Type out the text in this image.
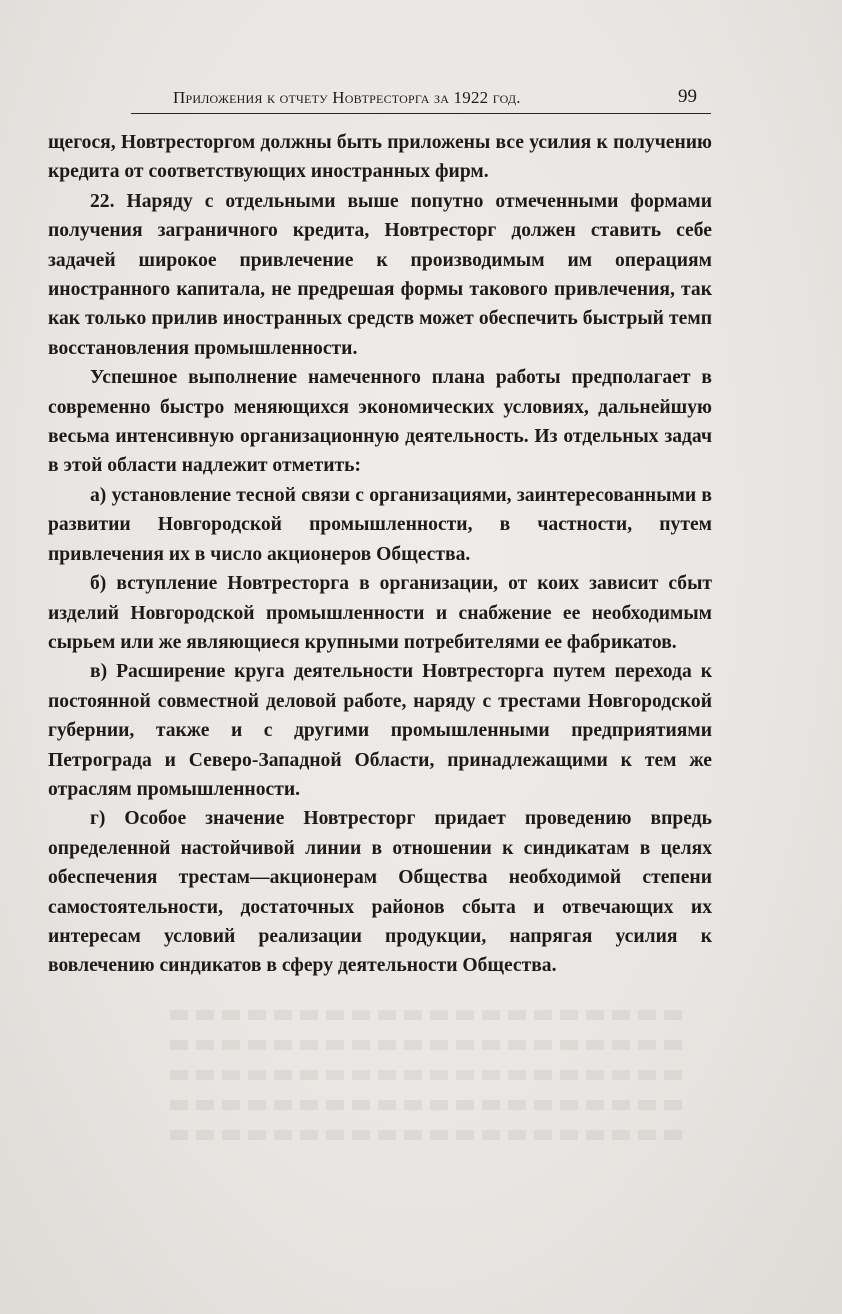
Приложения к отчету Новтресторга за 1922 год.	99

щегося, Новтресторгом должны быть приложены все усилия к получению кредита от соответствующих иностранных фирм.

22. Наряду с отдельными выше попутно отмеченными формами получения заграничного кредита, Новтресторг должен ставить себе задачей широкое привлечение к производимым им операциям иностранного капитала, не предрешая формы такового привлечения, так как только прилив иностранных средств может обеспечить быстрый темп восстановления промышленности.

Успешное выполнение намеченного плана работы предполагает в современно быстро меняющихся экономических условиях, дальнейшую весьма интенсивную организационную деятельность. Из отдельных задач в этой области надлежит отметить:

а) установление тесной связи с организациями, заинтересованными в развитии Новгородской промышленности, в частности, путем привлечения их в число акционеров Общества.

б) вступление Новтресторга в организации, от коих зависит сбыт изделий Новгородской промышленности и снабжение ее необходимым сырьем или же являющиеся крупными потребителями ее фабрикатов.

в) Расширение круга деятельности Новтресторга путем перехода к постоянной совместной деловой работе, наряду с трестами Новгородской губернии, также и с другими промышленными предприятиями Петрограда и Северо-Западной Области, принадлежащими к тем же отраслям промышленности.

г) Особое значение Новтресторг придает проведению впредь определенной настойчивой линии в отношении к синдикатам в целях обеспечения трестам—акционерам Общества необходимой степени самостоятельности, достаточных районов сбыта и отвечающих их интересам условий реализации продукции, напрягая усилия к вовлечению синдикатов в сферу деятельности Общества.
